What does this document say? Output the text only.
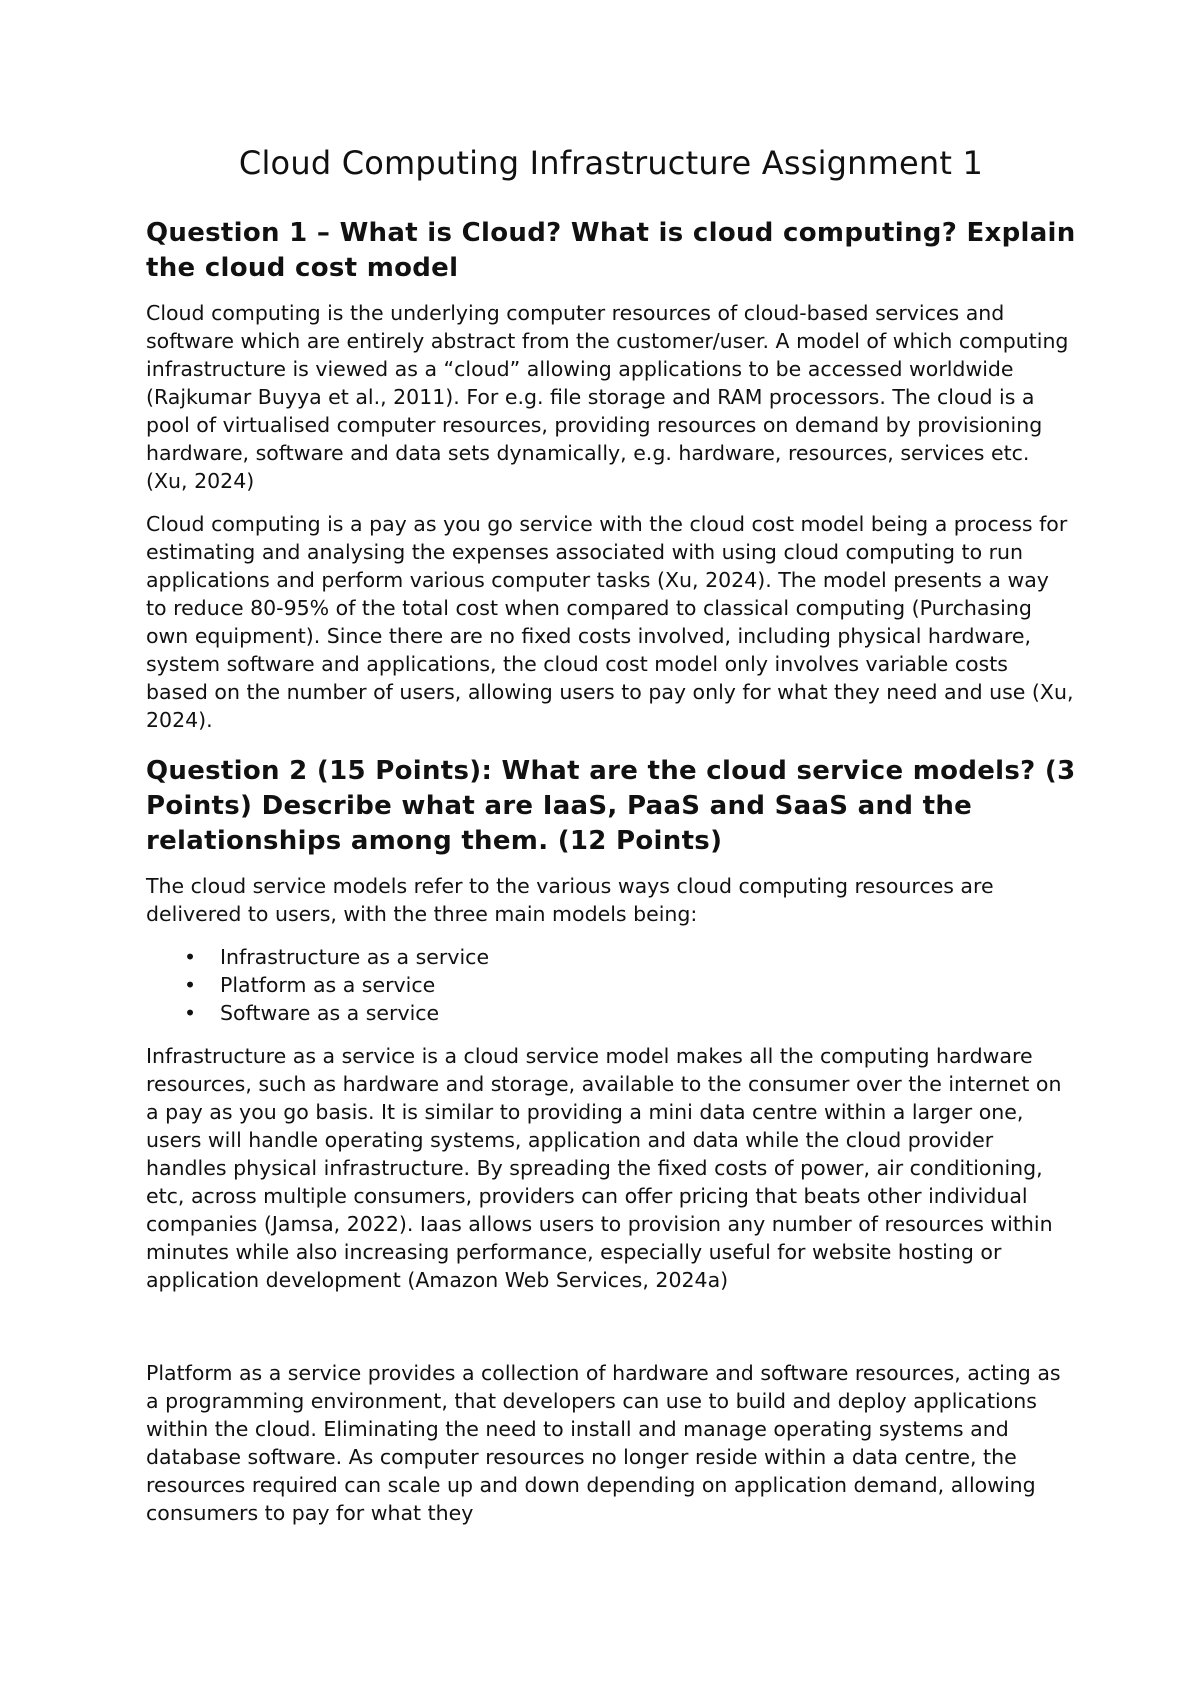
Cloud Computing Infrastructure Assignment 1
Question 1 – What is Cloud? What is cloud computing? Explain the cloud cost model

Cloud computing is the underlying computer resources of cloud-based services and software which are entirely abstract from the customer/user. A model of which computing infrastructure is viewed as a “cloud” allowing applications to be accessed worldwide (Rajkumar Buyya et al., 2011). For e.g. file storage and RAM processors. The cloud is a pool of virtualised computer resources, providing resources on demand by provisioning hardware, software and data sets dynamically, e.g. hardware, resources, services etc. (Xu, 2024)

Cloud computing is a pay as you go service with the cloud cost model being a process for estimating and analysing the expenses associated with using cloud computing to run applications and perform various computer tasks (Xu, 2024). The model presents a way to reduce 80-95% of the total cost when compared to classical computing (Purchasing own equipment). Since there are no fixed costs involved, including physical hardware, system software and applications, the cloud cost model only involves variable costs based on the number of users, allowing users to pay only for what they need and use (Xu, 2024).

Question 2 (15 Points): What are the cloud service models? (3 Points) Describe what are IaaS, PaaS and SaaS and the relationships among them. (12 Points)

The cloud service models refer to the various ways cloud computing resources are delivered to users, with the three main models being:

• Infrastructure as a service
• Platform as a service
• Software as a service

Infrastructure as a service is a cloud service model makes all the computing hardware resources, such as hardware and storage, available to the consumer over the internet on a pay as you go basis. It is similar to providing a mini data centre within a larger one, users will handle operating systems, application and data while the cloud provider handles physical infrastructure. By spreading the fixed costs of power, air conditioning, etc, across multiple consumers, providers can offer pricing that beats other individual companies (Jamsa, 2022). Iaas allows users to provision any number of resources within minutes while also increasing performance, especially useful for website hosting or application development (Amazon Web Services, 2024a)

Platform as a service provides a collection of hardware and software resources, acting as a programming environment, that developers can use to build and deploy applications within the cloud. Eliminating the need to install and manage operating systems and database software. As computer resources no longer reside within a data centre, the resources required can scale up and down depending on application demand, allowing consumers to pay for what they
